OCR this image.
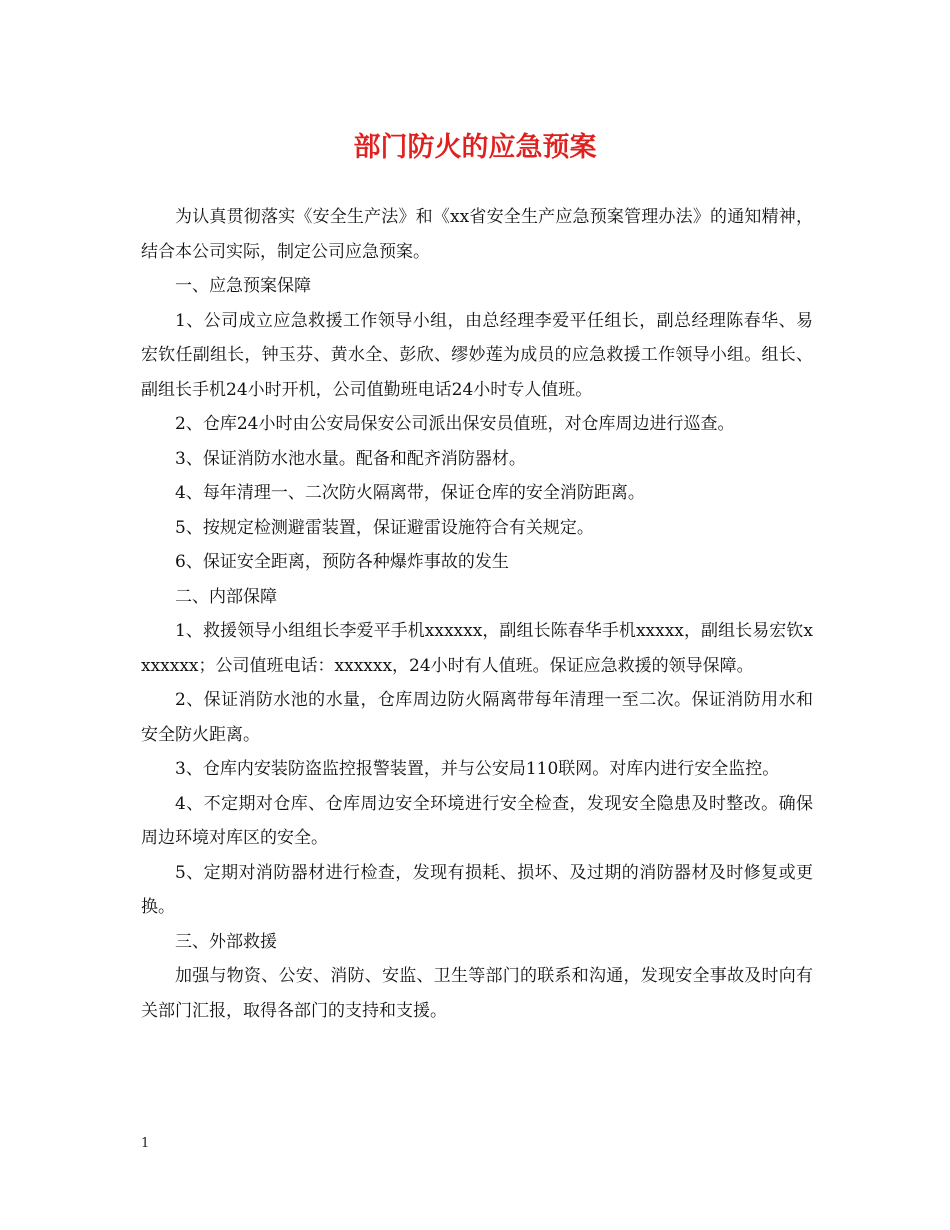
部门防火的应急预案

为认真贯彻落实《安全生产法》和《xx省安全生产应急预案管理办法》的通知精神，结合本公司实际，制定公司应急预案。

一、应急预案保障

1、公司成立应急救援工作领导小组，由总经理李爱平任组长，副总经理陈春华、易宏钦任副组长，钟玉芬、黄水全、彭欣、缪妙莲为成员的应急救援工作领导小组。组长、副组长手机24小时开机，公司值勤班电话24小时专人值班。

2、仓库24小时由公安局保安公司派出保安员值班，对仓库周边进行巡查。

3、保证消防水池水量。配备和配齐消防器材。

4、每年清理一、二次防火隔离带，保证仓库的安全消防距离。

5、按规定检测避雷装置，保证避雷设施符合有关规定。

6、保证安全距离，预防各种爆炸事故的发生

二、内部保障

1、救援领导小组组长李爱平手机xxxxxx，副组长陈春华手机xxxxx，副组长易宏钦xxxxxxx；公司值班电话：xxxxxx，24小时有人值班。保证应急救援的领导保障。

2、保证消防水池的水量，仓库周边防火隔离带每年清理一至二次。保证消防用水和安全防火距离。

3、仓库内安装防盗监控报警装置，并与公安局110联网。对库内进行安全监控。

4、不定期对仓库、仓库周边安全环境进行安全检查，发现安全隐患及时整改。确保周边环境对库区的安全。

5、定期对消防器材进行检查，发现有损耗、损坏、及过期的消防器材及时修复或更换。

三、外部救援

加强与物资、公安、消防、安监、卫生等部门的联系和沟通，发现安全事故及时向有关部门汇报，取得各部门的支持和支援。

1
